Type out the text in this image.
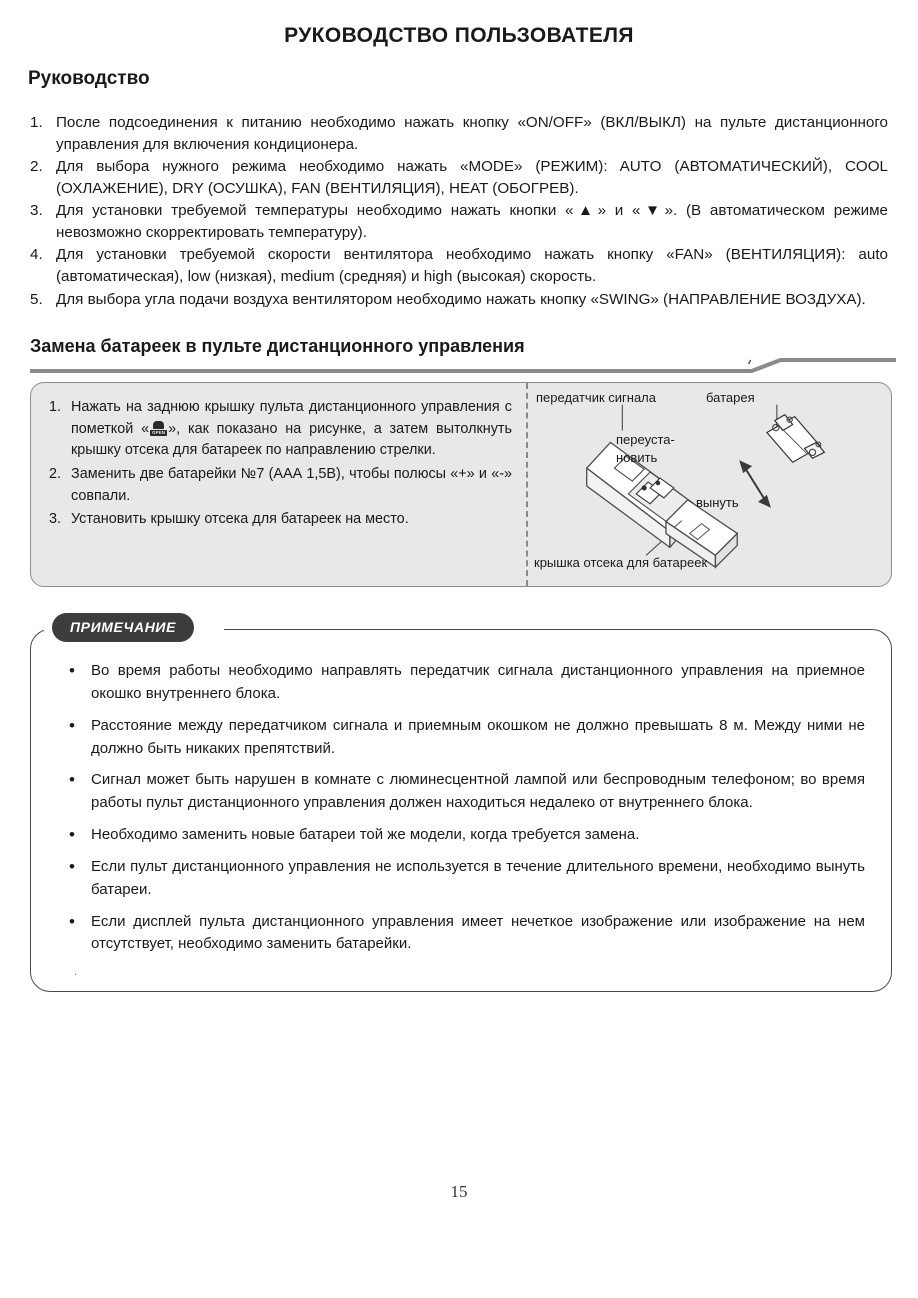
РУКОВОДСТВО ПОЛЬЗОВАТЕЛЯ
Руководство
1. После подсоединения к питанию необходимо нажать кнопку «ON/OFF» (ВКЛ/ВЫКЛ) на пульте дистанционного управления для включения кондиционера.
2. Для выбора нужного режима необходимо нажать «MODE» (РЕЖИМ): AUTO (АВТОМАТИЧЕСКИЙ), COOL (ОХЛАЖЕНИЕ), DRY (ОСУШКА), FAN (ВЕНТИЛЯЦИЯ), HEAT (ОБОГРЕВ).
3. Для установки требуемой температуры необходимо нажать кнопки «▲» и «▼». (В автоматическом режиме невозможно скорректировать температуру).
4. Для установки требуемой скорости вентилятора необходимо нажать кнопку «FAN» (ВЕНТИЛЯЦИЯ): auto (автоматическая), low (низкая), medium (средняя) и high (высокая) скорость.
5. Для выбора угла подачи воздуха вентилятором необходимо нажать кнопку «SWING» (НАПРАВЛЕНИЕ ВОЗДУХА).
Замена батареек в пульте дистанционного управления
1. Нажать на заднюю крышку пульта дистанционного управления с пометкой « OPEN », как показано на рисунке, а затем вытолкнуть крышку отсека для батареек по направлению стрелки.
2. Заменить две батарейки №7 (ААА 1,5В), чтобы полюсы «+» и «-» совпали.
3. Установить крышку отсека для батареек на место.
передатчик сигнала	батарея
переуста-новить
вынуть
крышка отсека для батареек
ПРИМЕЧАНИЕ
•	Во время работы необходимо направлять передатчик сигнала дистанционного управления на приемное окошко внутреннего блока.
•	Расстояние между передатчиком сигнала и приемным окошком не должно превышать 8 м. Между ними не должно быть никаких препятствий.
•	Сигнал может быть нарушен в комнате с люминесцентной лампой или беспроводным телефоном; во время работы пульт дистанционного управления должен находиться недалеко от внутреннего блока.
•	Необходимо заменить новые батареи той же модели, когда требуется замена.
•	Если пульт дистанционного управления не используется в течение длительного времени, необходимо вынуть батареи.
•	Если дисплей пульта дистанционного управления имеет нечеткое изображение или изображение на нем отсутствует, необходимо заменить батарейки.
.
15
